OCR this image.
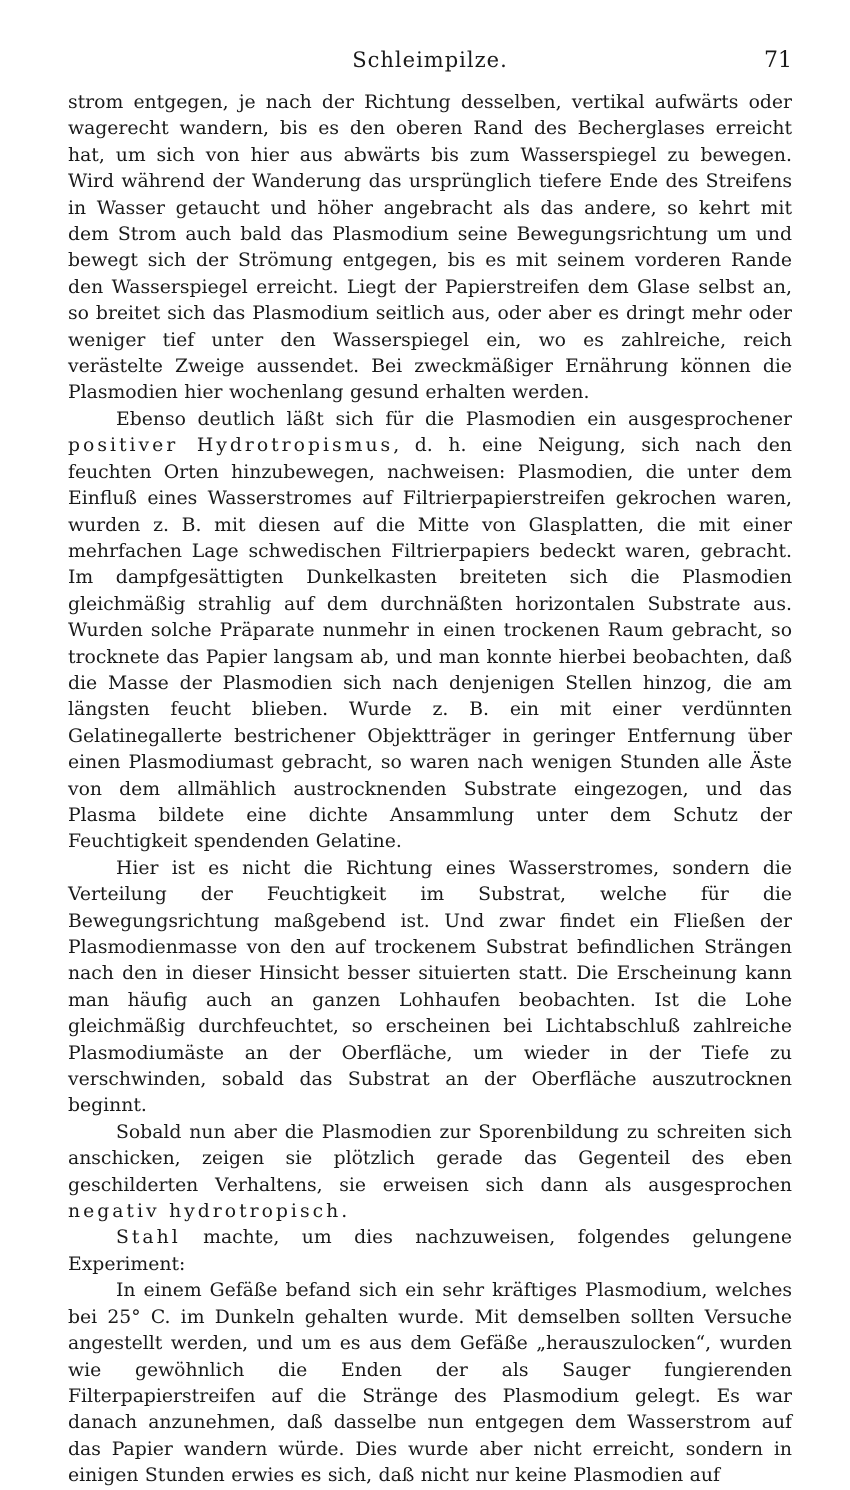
Schleimpilze.	71

strom entgegen, je nach der Richtung desselben, vertikal aufwärts oder wagerecht wandern, bis es den oberen Rand des Becherglases erreicht hat, um sich von hier aus abwärts bis zum Wasserspiegel zu bewegen. Wird während der Wanderung das ursprünglich tiefere Ende des Streifens in Wasser getaucht und höher angebracht als das andere, so kehrt mit dem Strom auch bald das Plasmodium seine Bewegungsrichtung um und bewegt sich der Strömung entgegen, bis es mit seinem vorderen Rande den Wasserspiegel erreicht. Liegt der Papierstreifen dem Glase selbst an, so breitet sich das Plasmodium seitlich aus, oder aber es dringt mehr oder weniger tief unter den Wasserspiegel ein, wo es zahlreiche, reich verästelte Zweige aussendet. Bei zweckmäßiger Ernährung können die Plasmodien hier wochenlang gesund erhalten werden.

Ebenso deutlich läßt sich für die Plasmodien ein ausgesprochener positiver Hydrotropismus, d. h. eine Neigung, sich nach den feuchten Orten hinzubewegen, nachweisen: Plasmodien, die unter dem Einfluß eines Wasserstromes auf Filtrierpapierstreifen gekrochen waren, wurden z. B. mit diesen auf die Mitte von Glasplatten, die mit einer mehrfachen Lage schwedischen Filtrierpapiers bedeckt waren, gebracht. Im dampfgesättigten Dunkelkasten breiteten sich die Plasmodien gleichmäßig strahlig auf dem durchnäßten horizontalen Substrate aus. Wurden solche Präparate nunmehr in einen trockenen Raum gebracht, so trocknete das Papier langsam ab, und man konnte hierbei beobachten, daß die Masse der Plasmodien sich nach denjenigen Stellen hinzog, die am längsten feucht blieben. Wurde z. B. ein mit einer verdünnten Gelatinegallerte bestrichener Objektträger in geringer Entfernung über einen Plasmodiumast gebracht, so waren nach wenigen Stunden alle Äste von dem allmählich austrocknenden Substrate eingezogen, und das Plasma bildete eine dichte Ansammlung unter dem Schutz der Feuchtigkeit spendenden Gelatine.

Hier ist es nicht die Richtung eines Wasserstromes, sondern die Verteilung der Feuchtigkeit im Substrat, welche für die Bewegungsrichtung maßgebend ist. Und zwar findet ein Fließen der Plasmodienmasse von den auf trockenem Substrat befindlichen Strängen nach den in dieser Hinsicht besser situierten statt. Die Erscheinung kann man häufig auch an ganzen Lohhaufen beobachten. Ist die Lohe gleichmäßig durchfeuchtet, so erscheinen bei Lichtabschluß zahlreiche Plasmodiumäste an der Oberfläche, um wieder in der Tiefe zu verschwinden, sobald das Substrat an der Oberfläche auszutrocknen beginnt.

Sobald nun aber die Plasmodien zur Sporenbildung zu schreiten sich anschicken, zeigen sie plötzlich gerade das Gegenteil des eben geschilderten Verhaltens, sie erweisen sich dann als ausgesprochen negativ hydrotropisch.

Stahl machte, um dies nachzuweisen, folgendes gelungene Experiment:

In einem Gefäße befand sich ein sehr kräftiges Plasmodium, welches bei 25° C. im Dunkeln gehalten wurde. Mit demselben sollten Versuche angestellt werden, und um es aus dem Gefäße „herauszulocken“, wurden wie gewöhnlich die Enden der als Sauger fungierenden Filterpapierstreifen auf die Stränge des Plasmodium gelegt. Es war danach anzunehmen, daß dasselbe nun entgegen dem Wasserstrom auf das Papier wandern würde. Dies wurde aber nicht erreicht, sondern in einigen Stunden erwies es sich, daß nicht nur keine Plasmodien auf
